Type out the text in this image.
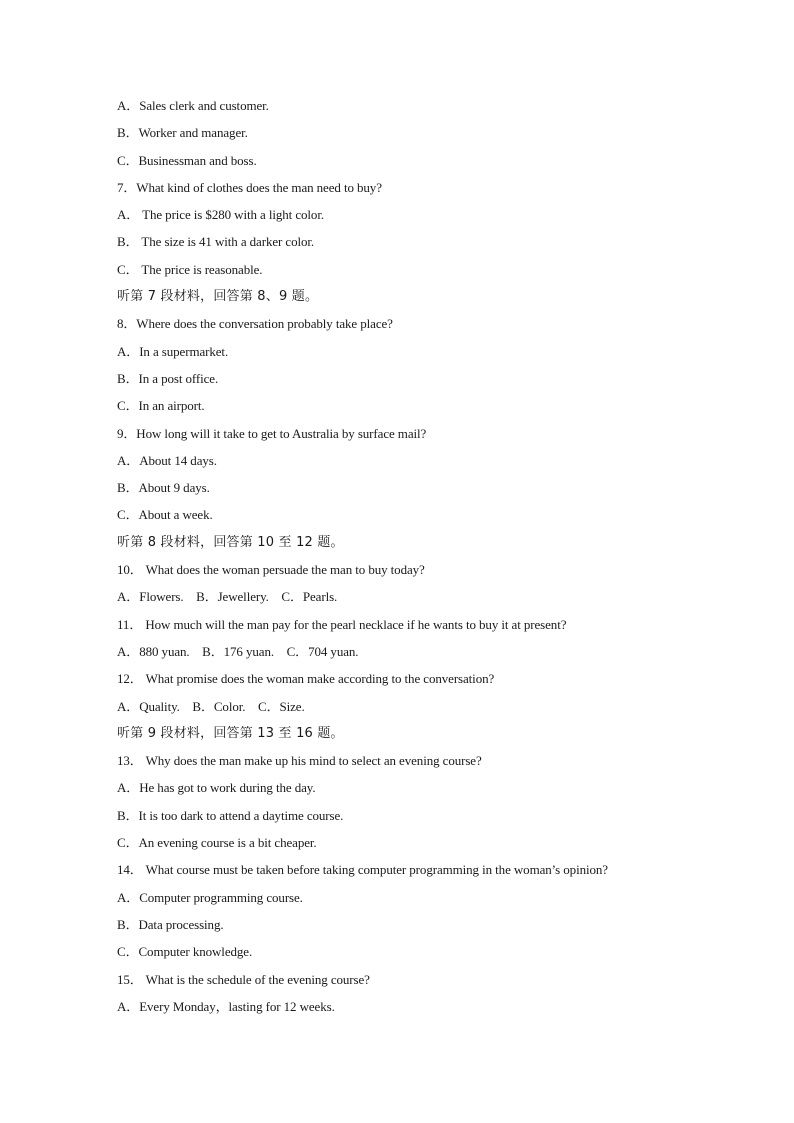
A．Sales clerk and customer.
B．Worker and manager.
C．Businessman and boss.
7．What kind of clothes does the man need to buy?
A． The price is $280 with a light color.
B． The size is 41 with a darker color.
C． The price is reasonable.
听第 7 段材料，回答第 8、9 题。
8．Where does the conversation probably take place?
A．In a supermarket.
B．In a post office.
C．In an airport.
9．How long will it take to get to Australia by surface mail?
A．About 14 days.
B．About 9 days.
C．About a week.
听第 8 段材料，回答第 10 至 12 题。
10． What does the woman persuade the man to buy today?
A．Flowers.    B．Jewellery.    C．Pearls.
11． How much will the man pay for the pearl necklace if he wants to buy it at present?
A．880 yuan.    B．176 yuan.    C．704 yuan.
12． What promise does the woman make according to the conversation?
A．Quality.    B．Color.    C．Size.
听第 9 段材料，回答第 13 至 16 题。
13． Why does the man make up his mind to select an evening course?
A．He has got to work during the day.
B．It is too dark to attend a daytime course.
C．An evening course is a bit cheaper.
14． What course must be taken before taking computer programming in the woman’s opinion?
A．Computer programming course.
B．Data processing.
C．Computer knowledge.
15． What is the schedule of the evening course?
A．Every Monday，lasting for 12 weeks.
